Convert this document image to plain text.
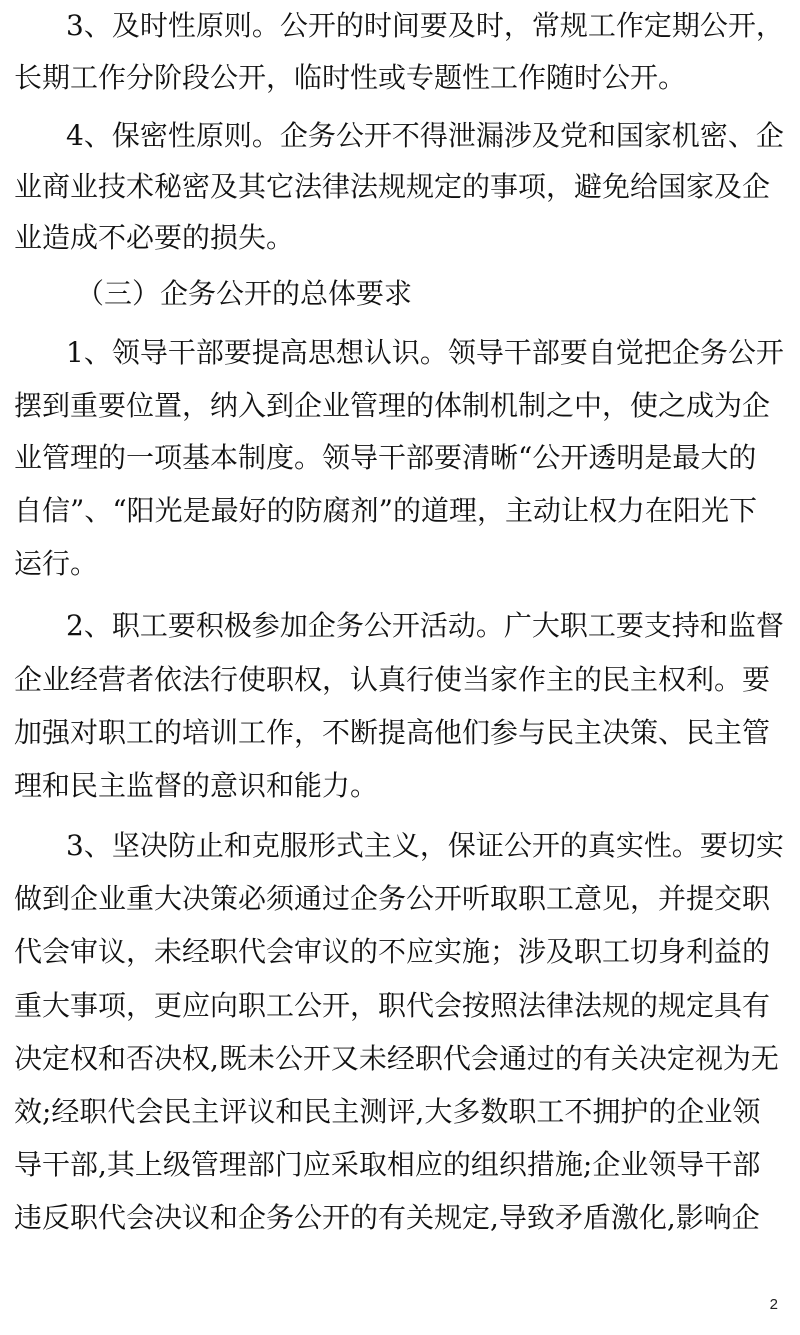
3、及时性原则。公开的时间要及时，常规工作定期公开，
长期工作分阶段公开，临时性或专题性工作随时公开。
4、保密性原则。企务公开不得泄漏涉及党和国家机密、企
业商业技术秘密及其它法律法规规定的事项，避免给国家及企
业造成不必要的损失。
（三）企务公开的总体要求
1、领导干部要提高思想认识。领导干部要自觉把企务公开
摆到重要位置，纳入到企业管理的体制机制之中，使之成为企
业管理的一项基本制度。领导干部要清晰“公开透明是最大的
自信”、“阳光是最好的防腐剂”的道理，主动让权力在阳光下
运行。
2、职工要积极参加企务公开活动。广大职工要支持和监督
企业经营者依法行使职权，认真行使当家作主的民主权利。要
加强对职工的培训工作，不断提高他们参与民主决策、民主管
理和民主监督的意识和能力。
3、坚决防止和克服形式主义，保证公开的真实性。要切实
做到企业重大决策必须通过企务公开听取职工意见，并提交职
代会审议，未经职代会审议的不应实施；涉及职工切身利益的
重大事项，更应向职工公开，职代会按照法律法规的规定具有
决定权和否决权,既未公开又未经职代会通过的有关决定视为无
效;经职代会民主评议和民主测评,大多数职工不拥护的企业领
导干部,其上级管理部门应采取相应的组织措施;企业领导干部
违反职代会决议和企务公开的有关规定,导致矛盾激化,影响企
2
